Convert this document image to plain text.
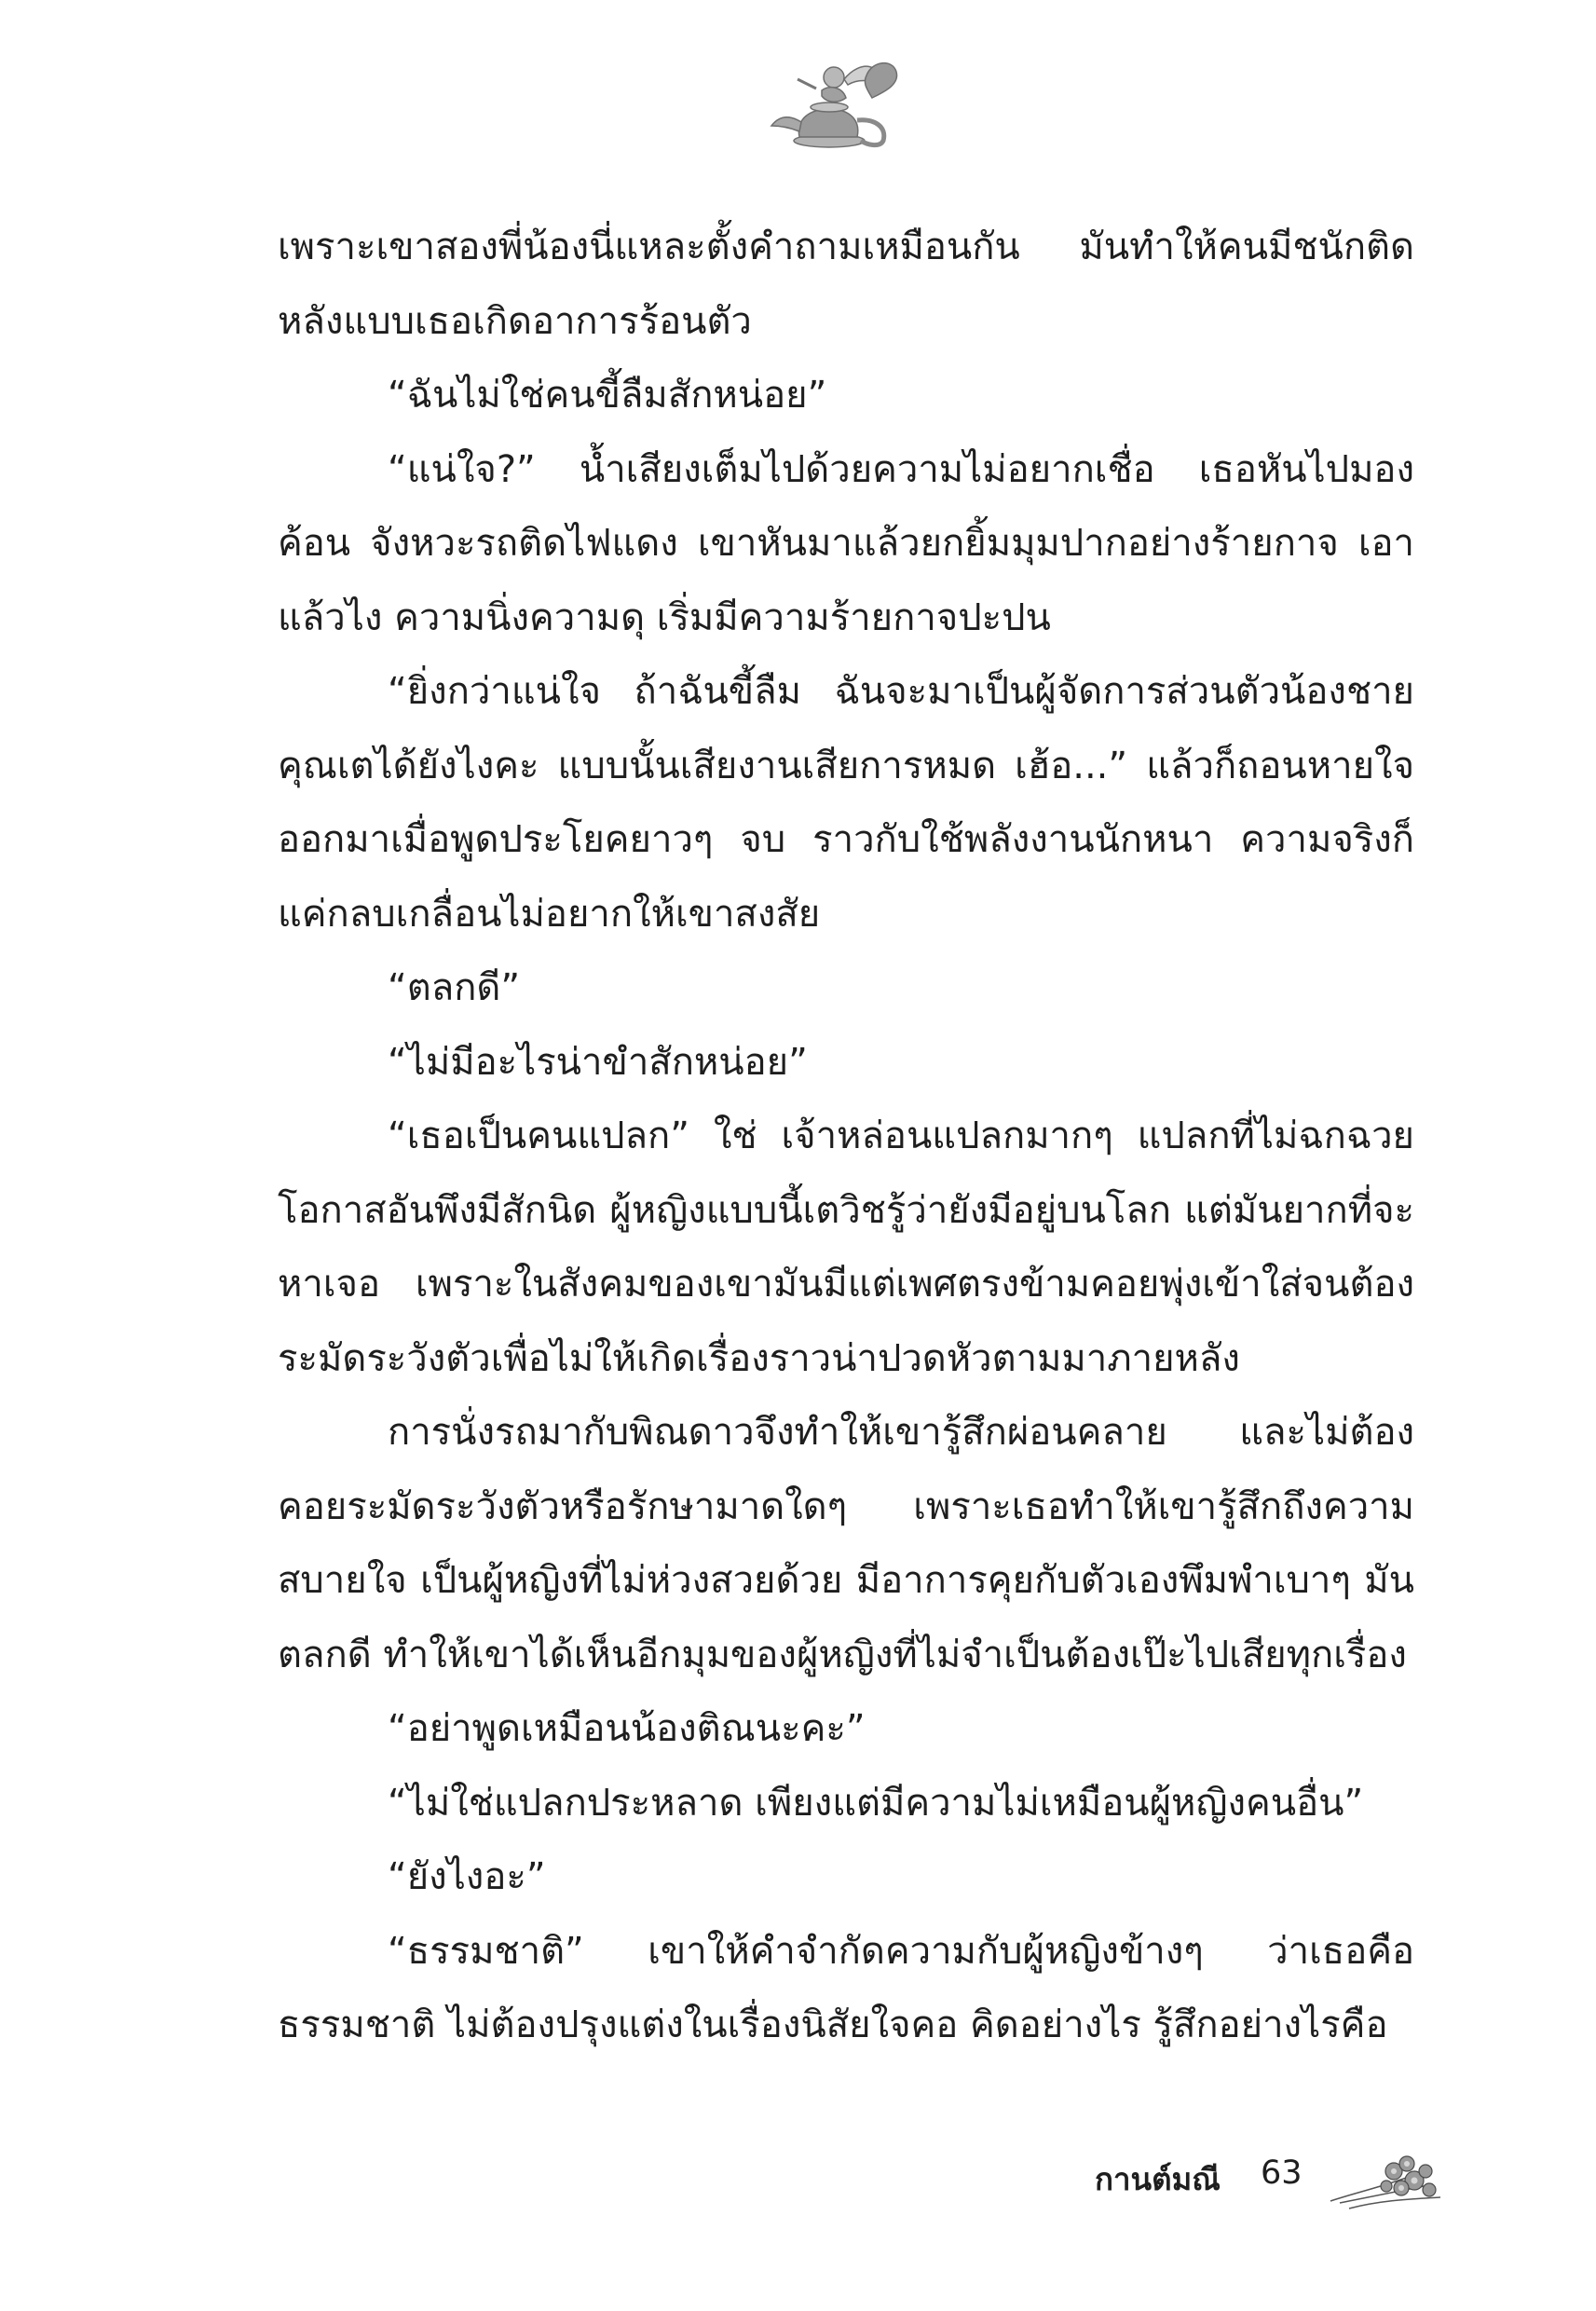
เพราะเขาสองพี่น้องนี่แหละตั้งคำถามเหมือนกัน มันทำให้คนมีชนักติดหลังแบบเธอเกิดอาการร้อนตัว

“ฉันไม่ใช่คนขี้ลืมสักหน่อย”

“แน่ใจ?” น้ำเสียงเต็มไปด้วยความไม่อยากเชื่อ เธอหันไปมองค้อน จังหวะรถติดไฟแดง เขาหันมาแล้วยกยิ้มมุมปากอย่างร้ายกาจ เอาแล้วไง ความนิ่งความดุ เริ่มมีความร้ายกาจปะปน

“ยิ่งกว่าแน่ใจ ถ้าฉันขี้ลืม ฉันจะมาเป็นผู้จัดการส่วนตัวน้องชายคุณเตได้ยังไงคะ แบบนั้นเสียงานเสียการหมด เฮ้อ...” แล้วก็ถอนหายใจออกมาเมื่อพูดประโยคยาวๆ จบ ราวกับใช้พลังงานนักหนา ความจริงก็แค่กลบเกลื่อนไม่อยากให้เขาสงสัย

“ตลกดี”

“ไม่มีอะไรน่าขำสักหน่อย”

“เธอเป็นคนแปลก” ใช่ เจ้าหล่อนแปลกมากๆ แปลกที่ไม่ฉกฉวยโอกาสอันพึงมีสักนิด ผู้หญิงแบบนี้เตวิชรู้ว่ายังมีอยู่บนโลก แต่มันยากที่จะหาเจอ เพราะในสังคมของเขามันมีแต่เพศตรงข้ามคอยพุ่งเข้าใส่จนต้องระมัดระวังตัวเพื่อไม่ให้เกิดเรื่องราวน่าปวดหัวตามมาภายหลัง

การนั่งรถมากับพิณดาวจึงทำให้เขารู้สึกผ่อนคลาย และไม่ต้องคอยระมัดระวังตัวหรือรักษามาดใดๆ เพราะเธอทำให้เขารู้สึกถึงความสบายใจ เป็นผู้หญิงที่ไม่ห่วงสวยด้วย มีอาการคุยกับตัวเองพึมพำเบาๆ มันตลกดี ทำให้เขาได้เห็นอีกมุมของผู้หญิงที่ไม่จำเป็นต้องเป๊ะไปเสียทุกเรื่อง

“อย่าพูดเหมือนน้องติณนะคะ”

“ไม่ใช่แปลกประหลาด เพียงแต่มีความไม่เหมือนผู้หญิงคนอื่น”

“ยังไงอะ”

“ธรรมชาติ” เขาให้คำจำกัดความกับผู้หญิงข้างๆ ว่าเธอคือธรรมชาติ ไม่ต้องปรุงแต่งในเรื่องนิสัยใจคอ คิดอย่างไร รู้สึกอย่างไรคือ

กานต์มณี 63
